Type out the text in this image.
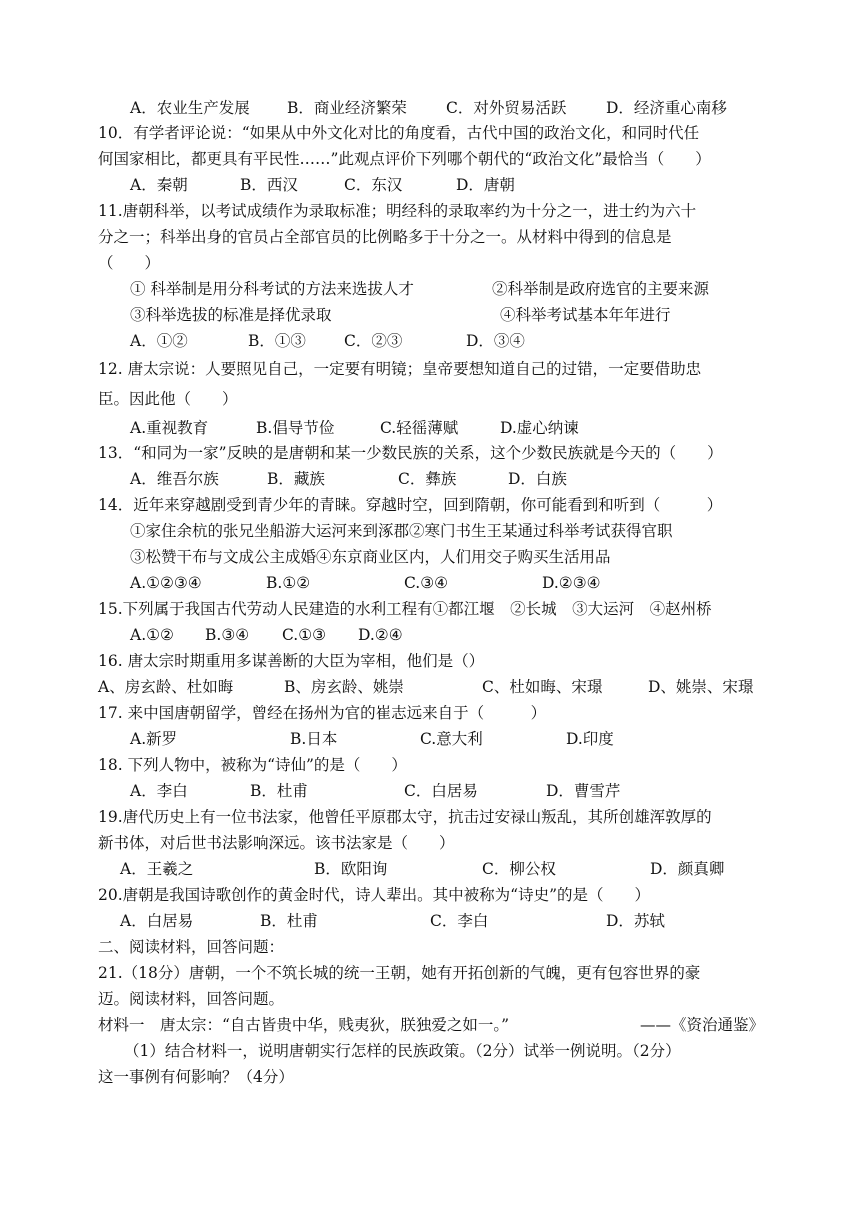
A．农业生产发展 B．商业经济繁荣	C．对外贸易活跃	D．经济重心南移
10．有学者评论说：“如果从中外文化对比的角度看，古代中国的政治文化，和同时代任
何国家相比，都更具有平民性……”此观点评价下列哪个朝代的“政治文化”最恰当（　　）
A．秦朝	B．西汉	C．东汉	D．唐朝
11.唐朝科举，以考试成绩作为录取标准；明经科的录取率约为十分之一，进士约为六十
分之一；科举出身的官员占全部官员的比例略多于十分之一。从材料中得到的信息是
（　　）
① 科举制是用分科考试的方法来选拔人才	②科举制是政府选官的主要来源
③科举选拔的标准是择优录取	④科举考试基本年年进行
A．①②	B．①③ C．②③	D．③④
12. 唐太宗说：人要照见自己，一定要有明镜；皇帝要想知道自己的过错，一定要借助忠
臣。因此他（　　）
A.重视教育	B.倡导节俭	C.轻徭薄赋	D.虚心纳谏
13．“和同为一家”反映的是唐朝和某一少数民族的关系，这个少数民族就是今天的（　　）
A．维吾尔族	B．藏族	C．彝族	D．白族
14．近年来穿越剧受到青少年的青睐。穿越时空，回到隋朝，你可能看到和听到（　　　）
①家住余杭的张兄坐船游大运河来到涿郡②寒门书生王某通过科举考试获得官职
③松赞干布与文成公主成婚④东京商业区内，人们用交子购买生活用品
A.①②③④	B.①②	C.③④	D.②③④
15.下列属于我国古代劳动人民建造的水利工程有①都江堰　②长城　③大运河　④赵州桥
A.①② B.③④ C.①③ D.②④
16. 唐太宗时期重用多谋善断的大臣为宰相，他们是（）
A、房玄龄、杜如晦	B、房玄龄、姚崇	C、杜如晦、宋璟	D、姚崇、宋璟
17. 来中国唐朝留学，曾经在扬州为官的崔志远来自于（　　　）
A.新罗	B.日本	C.意大利	D.印度
18. 下列人物中，被称为“诗仙”的是（　　）
A．李白	B．杜甫	C．白居易	D．曹雪芹
19.唐代历史上有一位书法家，他曾任平原郡太守，抗击过安禄山叛乱，其所创雄浑敦厚的
新书体，对后世书法影响深远。该书法家是（　　）
A．王羲之	B．欧阳询	C．柳公权	D．颜真卿
20.唐朝是我国诗歌创作的黄金时代，诗人辈出。其中被称为“诗史”的是（　　）
A．白居易	B．杜甫	C．李白	D．苏轼
二、阅读材料，回答问题：
21.（18分）唐朝，一个不筑长城的统一王朝，她有开拓创新的气魄，更有包容世界的豪
迈。阅读材料，回答问题。
材料一　唐太宗：“自古皆贵中华，贱夷狄，朕独爱之如一。”	——《资治通鉴》
（1）结合材料一，说明唐朝实行怎样的民族政策。（2分）试举一例说明。（2分）
这一事例有何影响？（4分）
